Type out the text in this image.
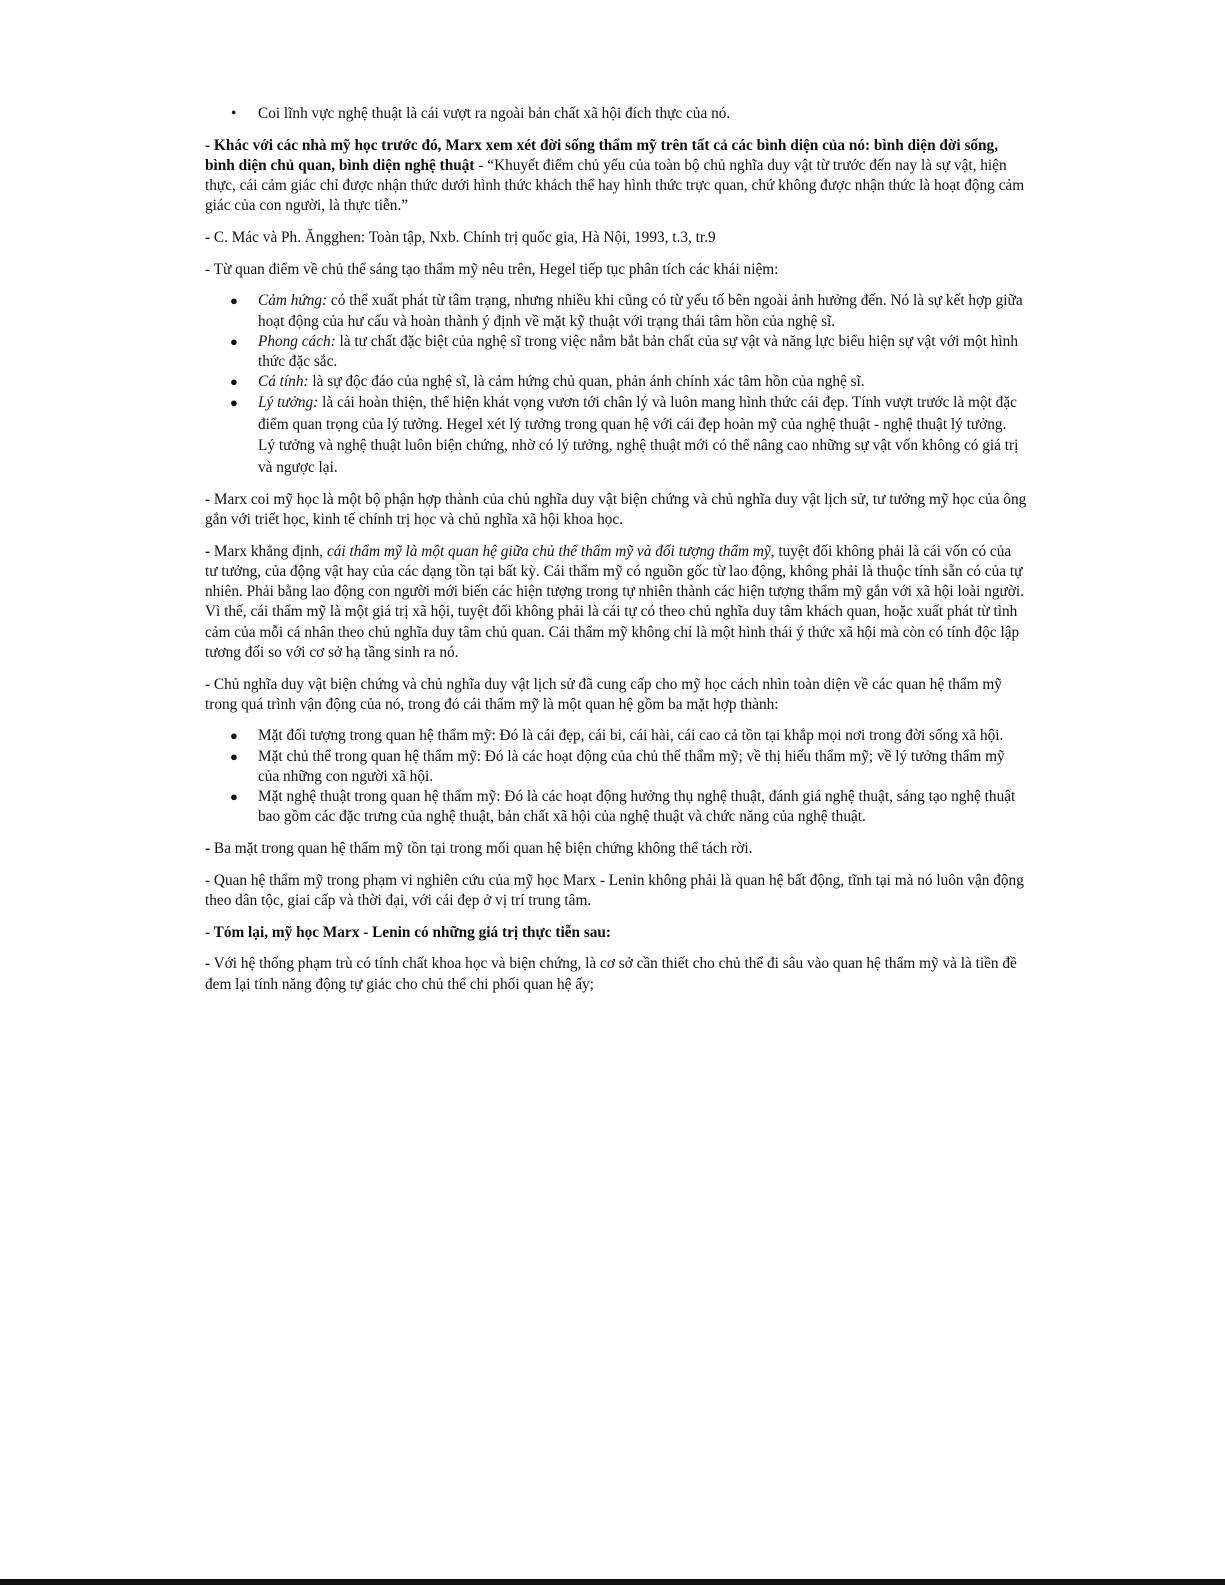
• Coi lĩnh vực nghệ thuật là cái vượt ra ngoài bản chất xã hội đích thực của nó.

- Khác với các nhà mỹ học trước đó, Marx xem xét đời sống thẩm mỹ trên tất cả các bình diện của nó: bình diện đời sống, bình diện chủ quan, bình diện nghệ thuật - “Khuyết điểm chủ yếu của toàn bộ chủ nghĩa duy vật từ trước đến nay là sự vật, hiện thực, cái cảm giác chỉ được nhận thức dưới hình thức khách thể hay hình thức trực quan, chứ không được nhận thức là hoạt động cảm giác của con người, là thực tiễn.”

- C. Mác và Ph. Ăngghen: Toàn tập, Nxb. Chính trị quốc gia, Hà Nội, 1993, t.3, tr.9

- Từ quan điểm về chủ thể sáng tạo thẩm mỹ nêu trên, Hegel tiếp tục phân tích các khái niệm:

● Cảm hứng: có thể xuất phát từ tâm trạng, nhưng nhiều khi cũng có từ yếu tố bên ngoài ảnh hưởng đến. Nó là sự kết hợp giữa hoạt động của hư cấu và hoàn thành ý định về mặt kỹ thuật với trạng thái tâm hồn của nghệ sĩ.
● Phong cách: là tư chất đặc biệt của nghệ sĩ trong việc nắm bắt bản chất của sự vật và năng lực biểu hiện sự vật với một hình thức đặc sắc.
● Cá tính: là sự độc đáo của nghệ sĩ, là cảm hứng chủ quan, phản ánh chính xác tâm hồn của nghệ sĩ.
● Lý tưởng: là cái hoàn thiện, thể hiện khát vọng vươn tới chân lý và luôn mang hình thức cái đẹp. Tính vượt trước là một đặc điểm quan trọng của lý tưởng. Hegel xét lý tưởng trong quan hệ với cái đẹp hoàn mỹ của nghệ thuật - nghệ thuật lý tưởng. Lý tưởng và nghệ thuật luôn biện chứng, nhờ có lý tưởng, nghệ thuật mới có thể nâng cao những sự vật vốn không có giá trị và ngược lại.

- Marx coi mỹ học là một bộ phận hợp thành của chủ nghĩa duy vật biện chứng và chủ nghĩa duy vật lịch sử, tư tưởng mỹ học của ông gắn với triết học, kinh tế chính trị học và chủ nghĩa xã hội khoa học.

- Marx khẳng định, cái thẩm mỹ là một quan hệ giữa chủ thể thẩm mỹ và đối tượng thẩm mỹ, tuyệt đối không phải là cái vốn có của tư tưởng, của động vật hay của các dạng tồn tại bất kỳ. Cái thẩm mỹ có nguồn gốc từ lao động, không phải là thuộc tính sẵn có của tự nhiên. Phải bằng lao động con người mới biến các hiện tượng trong tự nhiên thành các hiện tượng thẩm mỹ gắn với xã hội loài người. Vì thế, cái thẩm mỹ là một giá trị xã hội, tuyệt đối không phải là cái tự có theo chủ nghĩa duy tâm khách quan, hoặc xuất phát từ tình cảm của mỗi cá nhân theo chủ nghĩa duy tâm chủ quan. Cái thẩm mỹ không chỉ là một hình thái ý thức xã hội mà còn có tính độc lập tương đối so với cơ sở hạ tầng sinh ra nó.

- Chủ nghĩa duy vật biện chứng và chủ nghĩa duy vật lịch sử đã cung cấp cho mỹ học cách nhìn toàn diện về các quan hệ thẩm mỹ trong quá trình vận động của nó, trong đó cái thẩm mỹ là một quan hệ gồm ba mặt hợp thành:

● Mặt đối tượng trong quan hệ thẩm mỹ: Đó là cái đẹp, cái bi, cái hài, cái cao cả tồn tại khắp mọi nơi trong đời sống xã hội.
● Mặt chủ thể trong quan hệ thẩm mỹ: Đó là các hoạt động của chủ thể thẩm mỹ; về thị hiếu thẩm mỹ; về lý tưởng thẩm mỹ của những con người xã hội.
● Mặt nghệ thuật trong quan hệ thẩm mỹ: Đó là các hoạt động hưởng thụ nghệ thuật, đánh giá nghệ thuật, sáng tạo nghệ thuật bao gồm các đặc trưng của nghệ thuật, bản chất xã hội của nghệ thuật và chức năng của nghệ thuật.

- Ba mặt trong quan hệ thẩm mỹ tồn tại trong mối quan hệ biện chứng không thể tách rời.

- Quan hệ thẩm mỹ trong phạm vi nghiên cứu của mỹ học Marx - Lenin không phải là quan hệ bất động, tĩnh tại mà nó luôn vận động theo dân tộc, giai cấp và thời đại, với cái đẹp ở vị trí trung tâm.

- Tóm lại, mỹ học Marx - Lenin có những giá trị thực tiễn sau:

- Với hệ thống phạm trù có tính chất khoa học và biện chứng, là cơ sở cần thiết cho chủ thể đi sâu vào quan hệ thẩm mỹ và là tiền đề đem lại tính năng động tự giác cho chủ thể chi phối quan hệ ấy;
